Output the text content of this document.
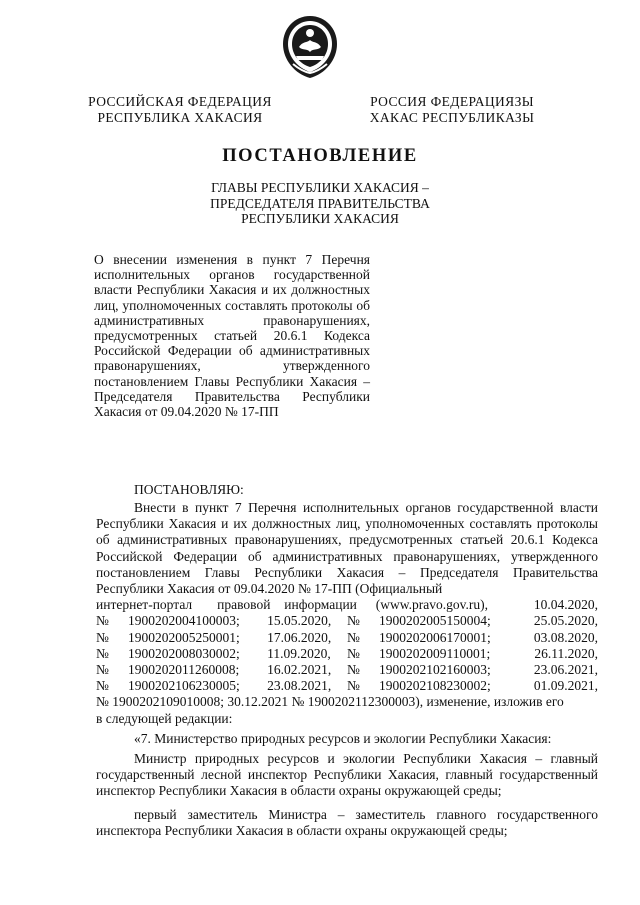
РОССИЙСКАЯ ФЕДЕРАЦИЯ
РЕСПУБЛИКА ХАКАСИЯ
РОССИЯ ФЕДЕРАЦИЯЗЫ
ХАКАС РЕСПУБЛИКАЗЫ
ПОСТАНОВЛЕНИЕ
ГЛАВЫ РЕСПУБЛИКИ ХАКАСИЯ –
ПРЕДСЕДАТЕЛЯ ПРАВИТЕЛЬСТВА
РЕСПУБЛИКИ ХАКАСИЯ
О внесении изменения в пункт 7 Перечня исполнительных органов государственной власти Республики Хакасия и их должностных лиц, уполномоченных составлять протоколы об административных правонарушениях, предусмотренных статьей 20.6.1 Кодекса Российской Федерации об административных правонарушениях, утвержденного постановлением Главы Республики Хакасия – Председателя Правительства Республики Хакасия от 09.04.2020 № 17-ПП
ПОСТАНОВЛЯЮ:

Внести в пункт 7 Перечня исполнительных органов государственной власти Республики Хакасия и их должностных лиц, уполномоченных составлять протоколы об административных правонарушениях, предусмотренных статьей 20.6.1 Кодекса Российской Федерации об административных правонарушениях, утвержденного постановлением Главы Республики Хакасия – Председателя Правительства Республики Хакасия от 09.04.2020 № 17-ПП (Официальный

интернет-портал	правовой	информации	(www.pravo.gov.ru),	10.04.2020,
№	1900202004100003;	15.05.2020,	№	1900202005150004;	25.05.2020,
№	1900202005250001;	17.06.2020,	№	1900202006170001;	03.08.2020,
№	1900202008030002;	11.09.2020,	№	1900202009110001;	26.11.2020,
№	1900202011260008;	16.02.2021,	№	1900202102160003;	23.06.2021,
№	1900202106230005;	23.08.2021,	№	1900202108230002;	01.09.2021,

№ 1900202109010008; 30.12.2021 № 1900202112300003), изменение, изложив его

в следующей редакции:

«7. Министерство природных ресурсов и экологии Республики Хакасия:

Министр природных ресурсов и экологии Республики Хакасия – главный государственный лесной инспектор Республики Хакасия, главный государственный инспектор Республики Хакасия в области охраны окружающей среды;

первый заместитель Министра – заместитель главного государственного инспектора Республики Хакасия в области охраны окружающей среды;
